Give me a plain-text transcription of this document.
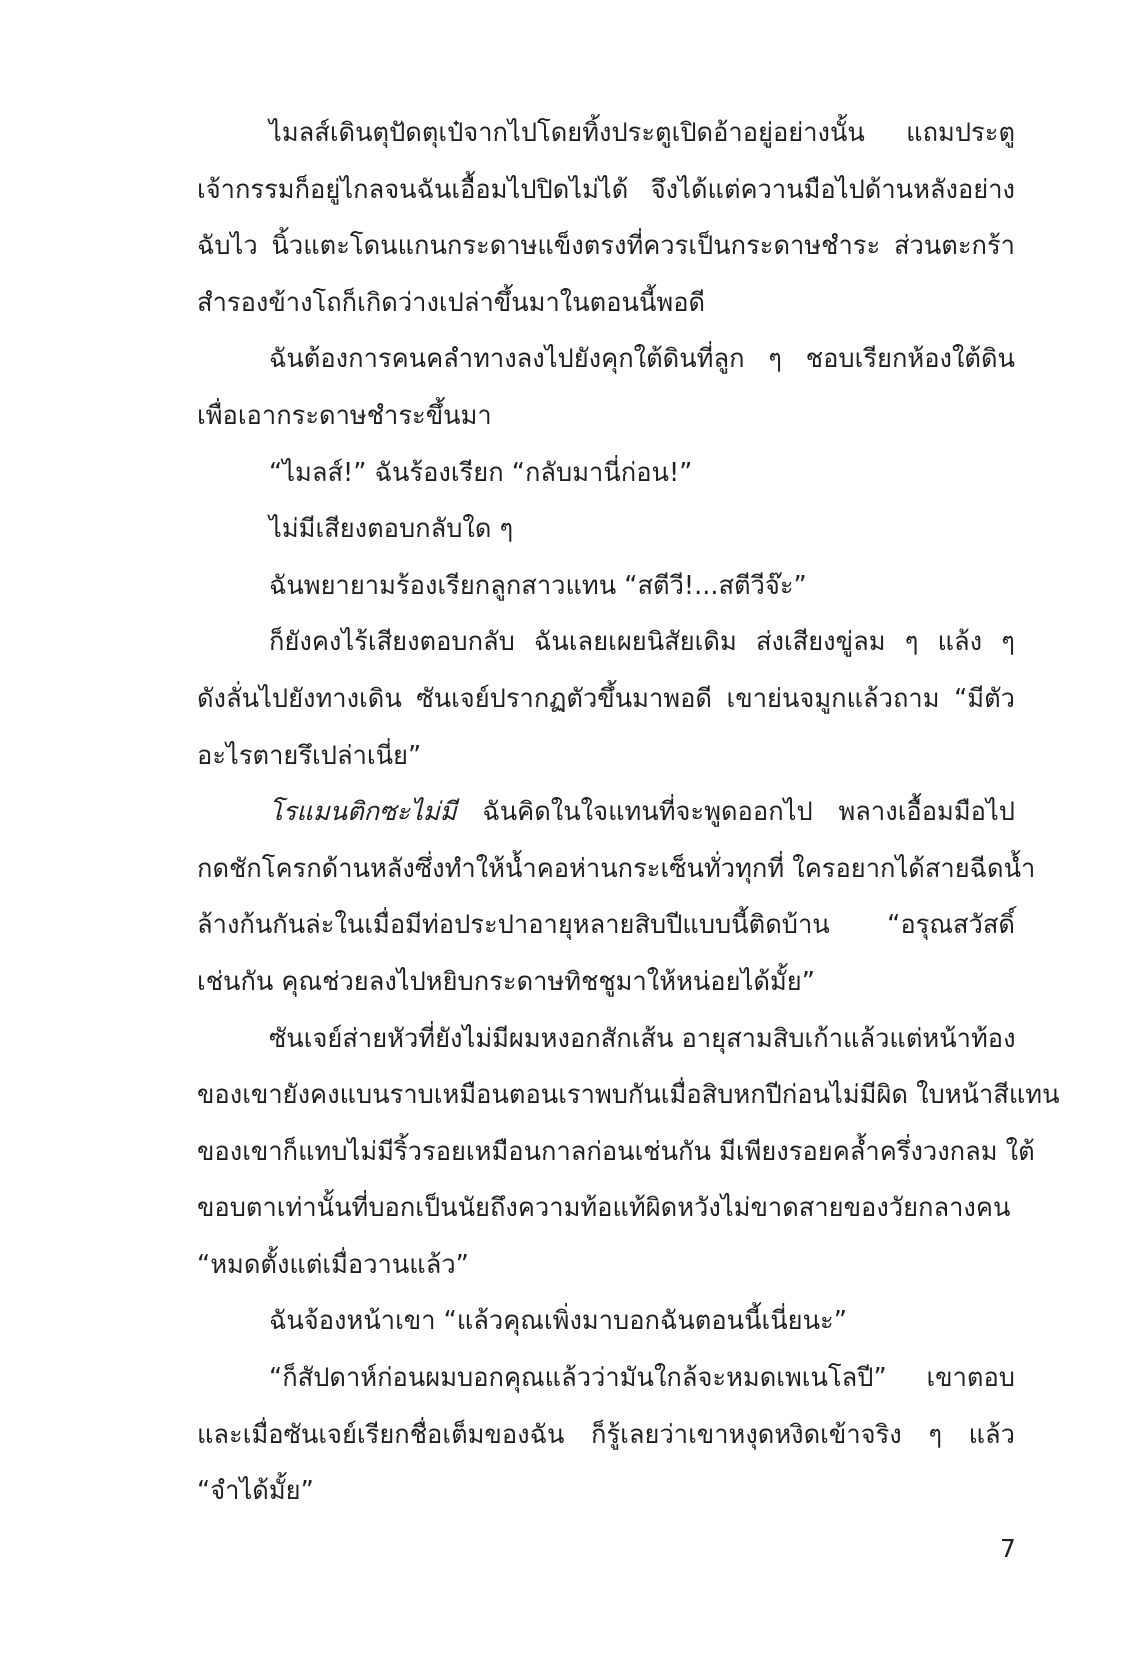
ไมลส์เดินตุปัดตุเป๋จากไปโดยทิ้งประตูเปิดอ้าอยู่อย่างนั้น แถมประตู
เจ้ากรรมก็อยู่ไกลจนฉันเอื้อมไปปิดไม่ได้ จึงได้แต่ควานมือไปด้านหลังอย่าง
ฉับไว นิ้วแตะโดนแกนกระดาษแข็งตรงที่ควรเป็นกระดาษชำระ ส่วนตะกร้า
สำรองข้างโถก็เกิดว่างเปล่าขึ้นมาในตอนนี้พอดี
ฉันต้องการคนคลำทางลงไปยังคุกใต้ดินที่ลูก ๆ ชอบเรียกห้องใต้ดิน
เพื่อเอากระดาษชำระขึ้นมา
“ไมลส์!” ฉันร้องเรียก “กลับมานี่ก่อน!”
ไม่มีเสียงตอบกลับใด ๆ
ฉันพยายามร้องเรียกลูกสาวแทน “สตีวี!...สตีวีจ๊ะ”
ก็ยังคงไร้เสียงตอบกลับ ฉันเลยเผยนิสัยเดิม ส่งเสียงขู่ลม ๆ แล้ง ๆ
ดังลั่นไปยังทางเดิน ซันเจย์ปรากฏตัวขึ้นมาพอดี เขาย่นจมูกแล้วถาม “มีตัว
อะไรตายรึเปล่าเนี่ย”
โรแมนติกซะไม่มี ฉันคิดในใจแทนที่จะพูดออกไป พลางเอื้อมมือไป
กดชักโครกด้านหลังซึ่งทำให้น้ำคอห่านกระเซ็นทั่วทุกที่ ใครอยากได้สายฉีดน้ำ
ล้างก้นกันล่ะในเมื่อมีท่อประปาอายุหลายสิบปีแบบนี้ติดบ้าน “อรุณสวัสดิ์
เช่นกัน คุณช่วยลงไปหยิบกระดาษทิชชูมาให้หน่อยได้มั้ย”
ซันเจย์ส่ายหัวที่ยังไม่มีผมหงอกสักเส้น อายุสามสิบเก้าแล้วแต่หน้าท้อง
ของเขายังคงแบนราบเหมือนตอนเราพบกันเมื่อสิบหกปีก่อนไม่มีผิด ใบหน้าสีแทน
ของเขาก็แทบไม่มีริ้วรอยเหมือนกาลก่อนเช่นกัน มีเพียงรอยคล้ำครึ่งวงกลม ใต้
ขอบตาเท่านั้นที่บอกเป็นนัยถึงความท้อแท้ผิดหวังไม่ขาดสายของวัยกลางคน
“หมดตั้งแต่เมื่อวานแล้ว”
ฉันจ้องหน้าเขา “แล้วคุณเพิ่งมาบอกฉันตอนนี้เนี่ยนะ”
“ก็สัปดาห์ก่อนผมบอกคุณแล้วว่ามันใกล้จะหมดเพเนโลปี” เขาตอบ
และเมื่อซันเจย์เรียกชื่อเต็มของฉัน ก็รู้เลยว่าเขาหงุดหงิดเข้าจริง ๆ แล้ว
“จำได้มั้ย”
7
